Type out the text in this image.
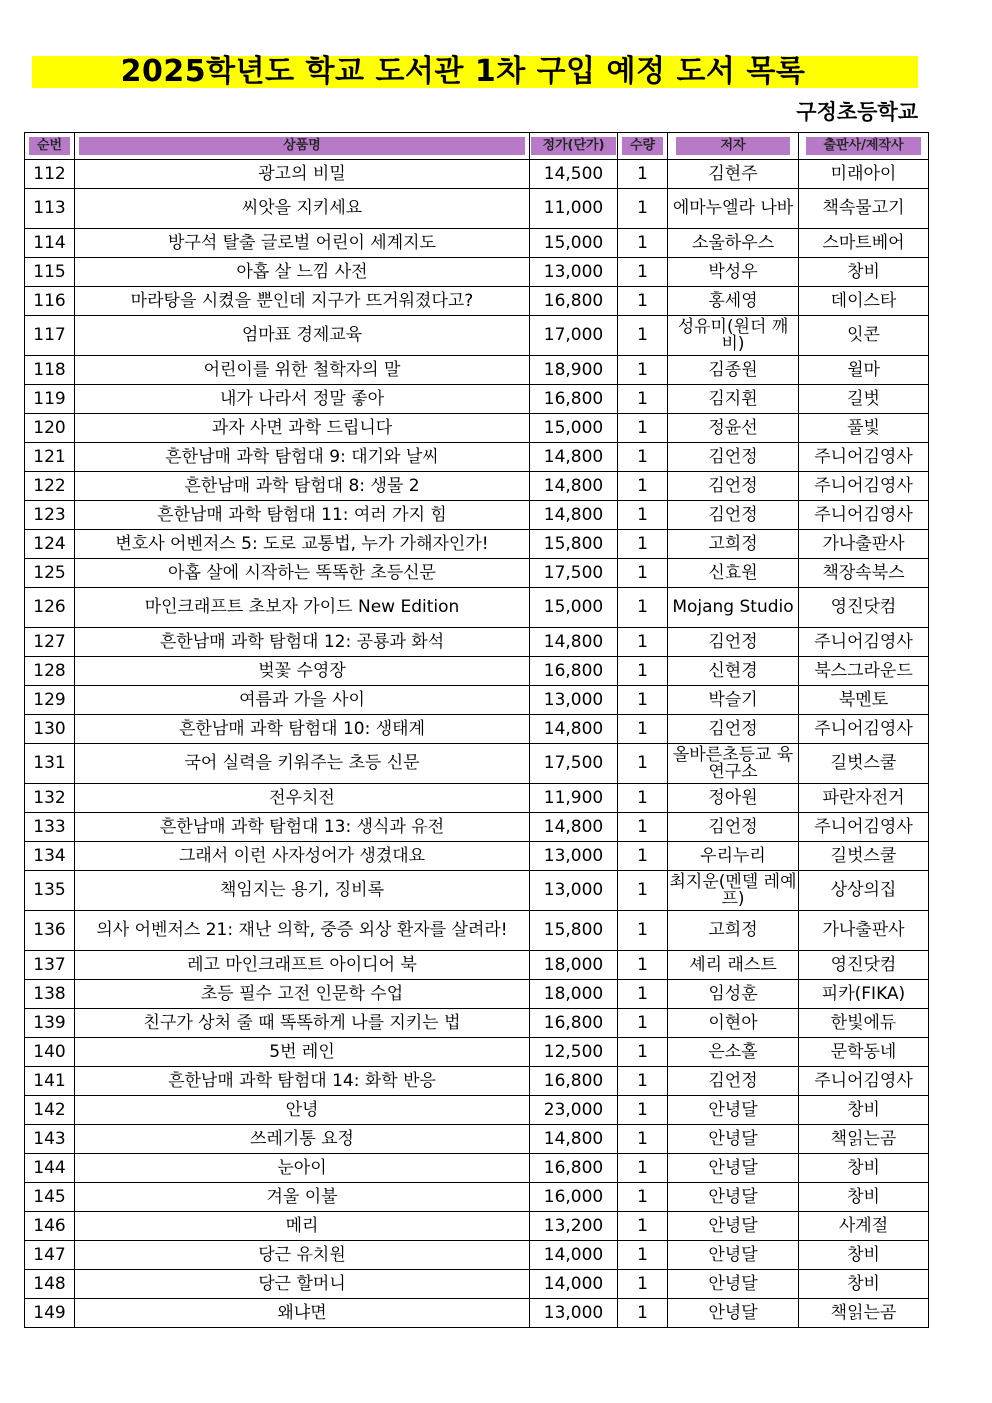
2025학년도 학교 도서관 1차 구입 예정 도서 목록
구정초등학교
순번	상품명	정가(단가)	수량	저자	출판사/제작사

112	광고의 비밀	14,500	1	김현주	미래아이
113	씨앗을 지키세요	11,000	1	에마누엘라 나바	책속물고기
114	방구석 탈출 글로벌 어린이 세계지도	15,000	1	소울하우스	스마트베어
115	아홉 살 느낌 사전	13,000	1	박성우	창비
116	마라탕을 시켰을 뿐인데 지구가 뜨거워졌다고?	16,800	1	홍세영	데이스타
117	엄마표 경제교육	17,000	1	성유미(원더 깨비)	잇콘
118	어린이를 위한 철학자의 말	18,900	1	김종원	윌마
119	내가 나라서 정말 좋아	16,800	1	김지휜	길벗
120	과자 사면 과학 드립니다	15,000	1	정윤선	풀빛
121	흔한남매 과학 탐험대 9: 대기와 날씨	14,800	1	김언정	주니어김영사
122	흔한남매 과학 탐험대 8: 생물 2	14,800	1	김언정	주니어김영사
123	흔한남매 과학 탐험대 11: 여러 가지 힘	14,800	1	김언정	주니어김영사
124	변호사 어벤저스 5: 도로 교통법, 누가 가해자인가!	15,800	1	고희정	가나출판사
125	아홉 살에 시작하는 똑똑한 초등신문	17,500	1	신효원	책장속북스
126	마인크래프트 초보자 가이드 New Edition	15,000	1	Mojang Studio	영진닷컴
127	흔한남매 과학 탐험대 12: 공룡과 화석	14,800	1	김언정	주니어김영사
128	벚꽃 수영장	16,800	1	신현경	북스그라운드
129	여름과 가을 사이	13,000	1	박슬기	북멘토
130	흔한남매 과학 탐험대 10: 생태계	14,800	1	김언정	주니어김영사
131	국어 실력을 키워주는 초등 신문	17,500	1	올바른초등교 육연구소	길벗스쿨
132	전우치전	11,900	1	정아원	파란자전거
133	흔한남매 과학 탐험대 13: 생식과 유전	14,800	1	김언정	주니어김영사
134	그래서 이런 사자성어가 생겼대요	13,000	1	우리누리	길벗스쿨
135	책임지는 용기, 징비록	13,000	1	최지운(멘델 레예프)	상상의집
136	의사 어벤저스 21: 재난 의학, 중증 외상 환자를 살려라!	15,800	1	고희정	가나출판사
137	레고 마인크래프트 아이디어 북	18,000	1	셰리 래스트	영진닷컴
138	초등 필수 고전 인문학 수업	18,000	1	임성훈	피카(FIKA)
139	친구가 상처 줄 때 똑똑하게 나를 지키는 법	16,800	1	이현아	한빛에듀
140	5번 레인	12,500	1	은소홀	문학동네
141	흔한남매 과학 탐험대 14: 화학 반응	16,800	1	김언정	주니어김영사
142	안녕	23,000	1	안녕달	창비
143	쓰레기통 요정	14,800	1	안녕달	책읽는곰
144	눈아이	16,800	1	안녕달	창비
145	겨울 이불	16,000	1	안녕달	창비
146	메리	13,200	1	안녕달	사계절
147	당근 유치원	14,000	1	안녕달	창비
148	당근 할머니	14,000	1	안녕달	창비
149	왜냐면	13,000	1	안녕달	책읽는곰
